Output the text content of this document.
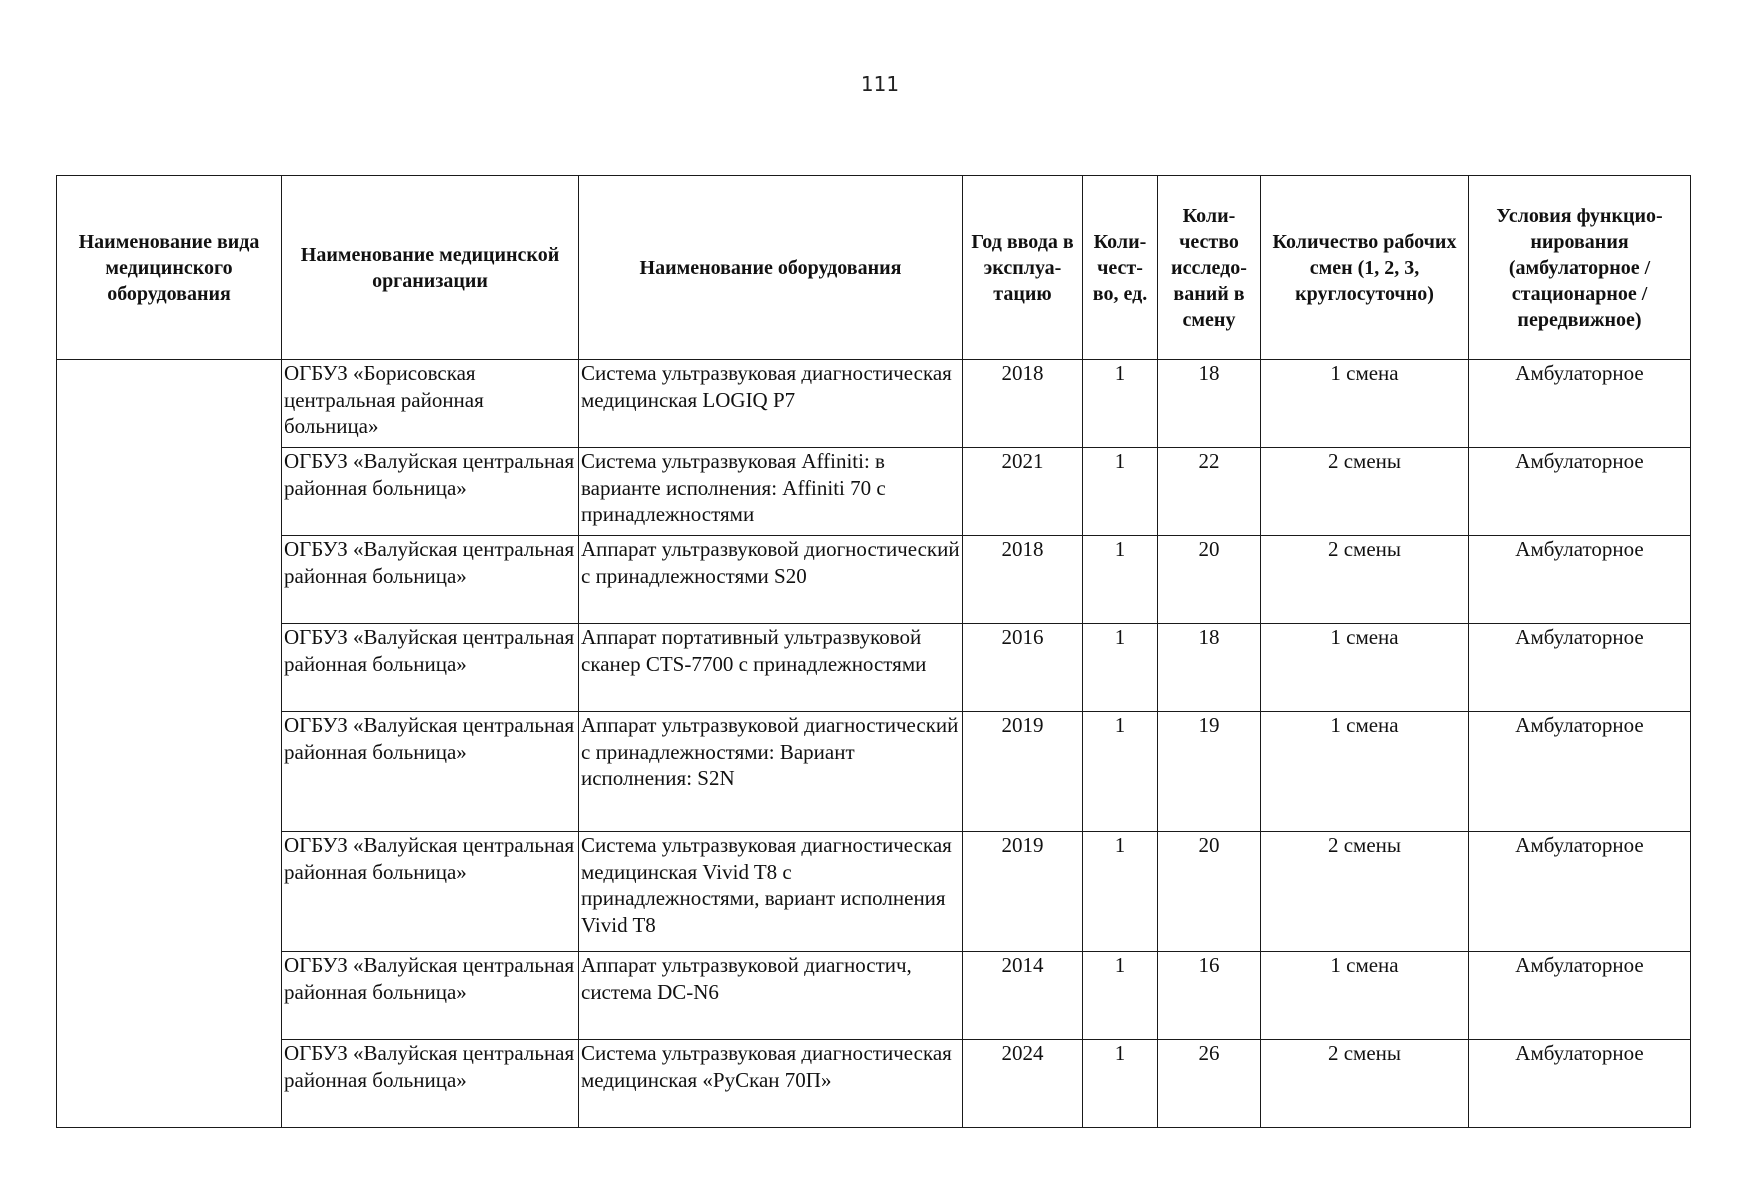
111
Наименование вида медицинского оборудования	Наименование медицинской организации	Наименование оборудования	Год ввода в эксплуа-тацию	Коли-чест-во, ед.	Коли-чество исследо-ваний в смену	Количество рабочих смен (1, 2, 3, круглосуточно)	Условия функцио-нирования (амбулаторное / стационарное / передвижное)
	ОГБУЗ «Борисовская центральная районная больница»	Система ультразвуковая диагностическая медицинская LOGIQ P7	2018	1	18	1 смена	Амбулаторное
	ОГБУЗ «Валуйская центральная районная больница»	Система ультразвуковая Affiniti: в варианте исполнения: Affiniti 70 с принадлежностями	2021	1	22	2 смены	Амбулаторное
	ОГБУЗ «Валуйская центральная районная больница»	Аппарат ультразвуковой диогностический с принадлежностями S20	2018	1	20	2 смены	Амбулаторное
	ОГБУЗ «Валуйская центральная районная больница»	Аппарат портативный ультразвуковой сканер CTS-7700 с принадлежностями	2016	1	18	1 смена	Амбулаторное
	ОГБУЗ «Валуйская центральная районная больница»	Аппарат ультразвуковой диагностический с принадлежностями: Вариант исполнения: S2N	2019	1	19	1 смена	Амбулаторное
	ОГБУЗ «Валуйская центральная районная больница»	Система ультразвуковая диагностическая медицинская Vivid T8 с принадлежностями, вариант исполнения Vivid T8	2019	1	20	2 смены	Амбулаторное
	ОГБУЗ «Валуйская центральная районная больница»	Аппарат ультразвуковой диагностич, система DC-N6	2014	1	16	1 смена	Амбулаторное
	ОГБУЗ «Валуйская центральная районная больница»	Система ультразвуковая диагностическая медицинская «РуСкан 70П»	2024	1	26	2 смены	Амбулаторное
